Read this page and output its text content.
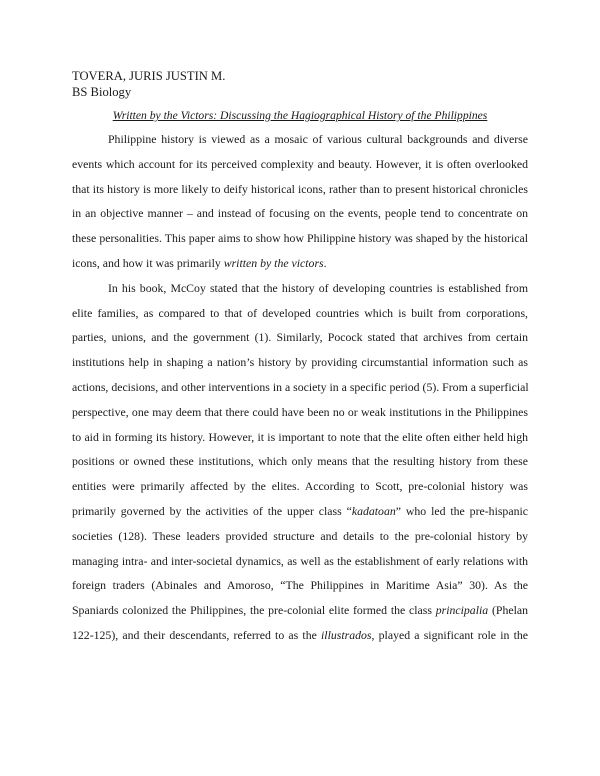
TOVERA, JURIS JUSTIN M.
BS Biology
Written by the Victors: Discussing the Hagiographical History of the Philippines
Philippine history is viewed as a mosaic of various cultural backgrounds and diverse
events which account for its perceived complexity and beauty. However, it is often overlooked
that its history is more likely to deify historical icons, rather than to present historical chronicles
in an objective manner – and instead of focusing on the events, people tend to concentrate on
these personalities. This paper aims to show how Philippine history was shaped by the historical
icons, and how it was primarily written by the victors.
In his book, McCoy stated that the history of developing countries is established from
elite families, as compared to that of developed countries which is built from corporations,
parties, unions, and the government (1). Similarly, Pocock stated that archives from certain
institutions help in shaping a nation’s history by providing circumstantial information such as
actions, decisions, and other interventions in a society in a specific period (5). From a superficial
perspective, one may deem that there could have been no or weak institutions in the Philippines
to aid in forming its history. However, it is important to note that the elite often either held high
positions or owned these institutions, which only means that the resulting history from these
entities were primarily affected by the elites. According to Scott, pre-colonial history was
primarily governed by the activities of the upper class “kadatoan” who led the pre-hispanic
societies (128). These leaders provided structure and details to the pre-colonial history by
managing intra- and inter-societal dynamics, as well as the establishment of early relations with
foreign traders (Abinales and Amoroso, “The Philippines in Maritime Asia” 30). As the
Spaniards colonized the Philippines, the pre-colonial elite formed the class principalia (Phelan
122-125), and their descendants, referred to as the illustrados, played a significant role in the
